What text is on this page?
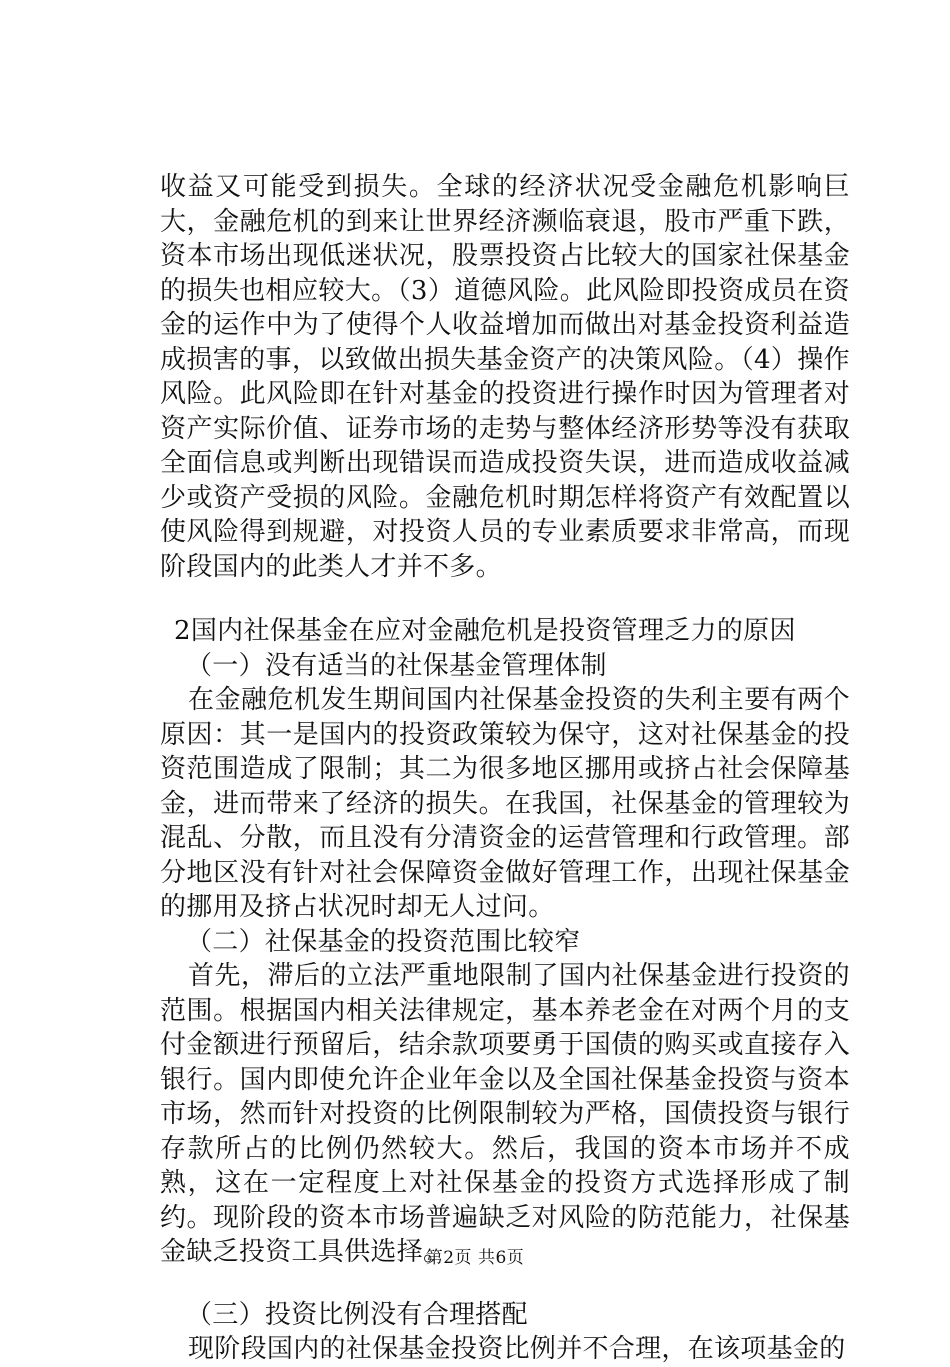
收益又可能受到损失。全球的经济状况受金融危机影响巨大，金融危机的到来让世界经济濒临衰退，股市严重下跌，资本市场出现低迷状况，股票投资占比较大的国家社保基金的损失也相应较大。（3）道德风险。此风险即投资成员在资金的运作中为了使得个人收益增加而做出对基金投资利益造成损害的事，以致做出损失基金资产的决策风险。（4）操作风险。此风险即在针对基金的投资进行操作时因为管理者对资产实际价值、证券市场的走势与整体经济形势等没有获取全面信息或判断出现错误而造成投资失误，进而造成收益减少或资产受损的风险。金融危机时期怎样将资产有效配置以使风险得到规避，对投资人员的专业素质要求非常高，而现阶段国内的此类人才并不多。

2国内社保基金在应对金融危机是投资管理乏力的原因

（一）没有适当的社保基金管理体制

在金融危机发生期间国内社保基金投资的失利主要有两个原因：其一是国内的投资政策较为保守，这对社保基金的投资范围造成了限制；其二为很多地区挪用或挤占社会保障基金，进而带来了经济的损失。在我国，社保基金的管理较为混乱、分散，而且没有分清资金的运营管理和行政管理。部分地区没有针对社会保障资金做好管理工作，出现社保基金的挪用及挤占状况时却无人过问。

（二）社保基金的投资范围比较窄

首先，滞后的立法严重地限制了国内社保基金进行投资的范围。根据国内相关法律规定，基本养老金在对两个月的支付金额进行预留后，结余款项要勇于国债的购买或直接存入银行。国内即使允许企业年金以及全国社保基金投资与资本市场，然而针对投资的比例限制较为严格，国债投资与银行存款所占的比例仍然较大。然后，我国的资本市场并不成熟，这在一定程度上对社保基金的投资方式选择形成了制约。现阶段的资本市场普遍缺乏对风险的防范能力，社保基金缺乏投资工具供选择。

（三）投资比例没有合理搭配

现阶段国内的社保基金投资比例并不合理，在该项基金的

第2页 共6页
